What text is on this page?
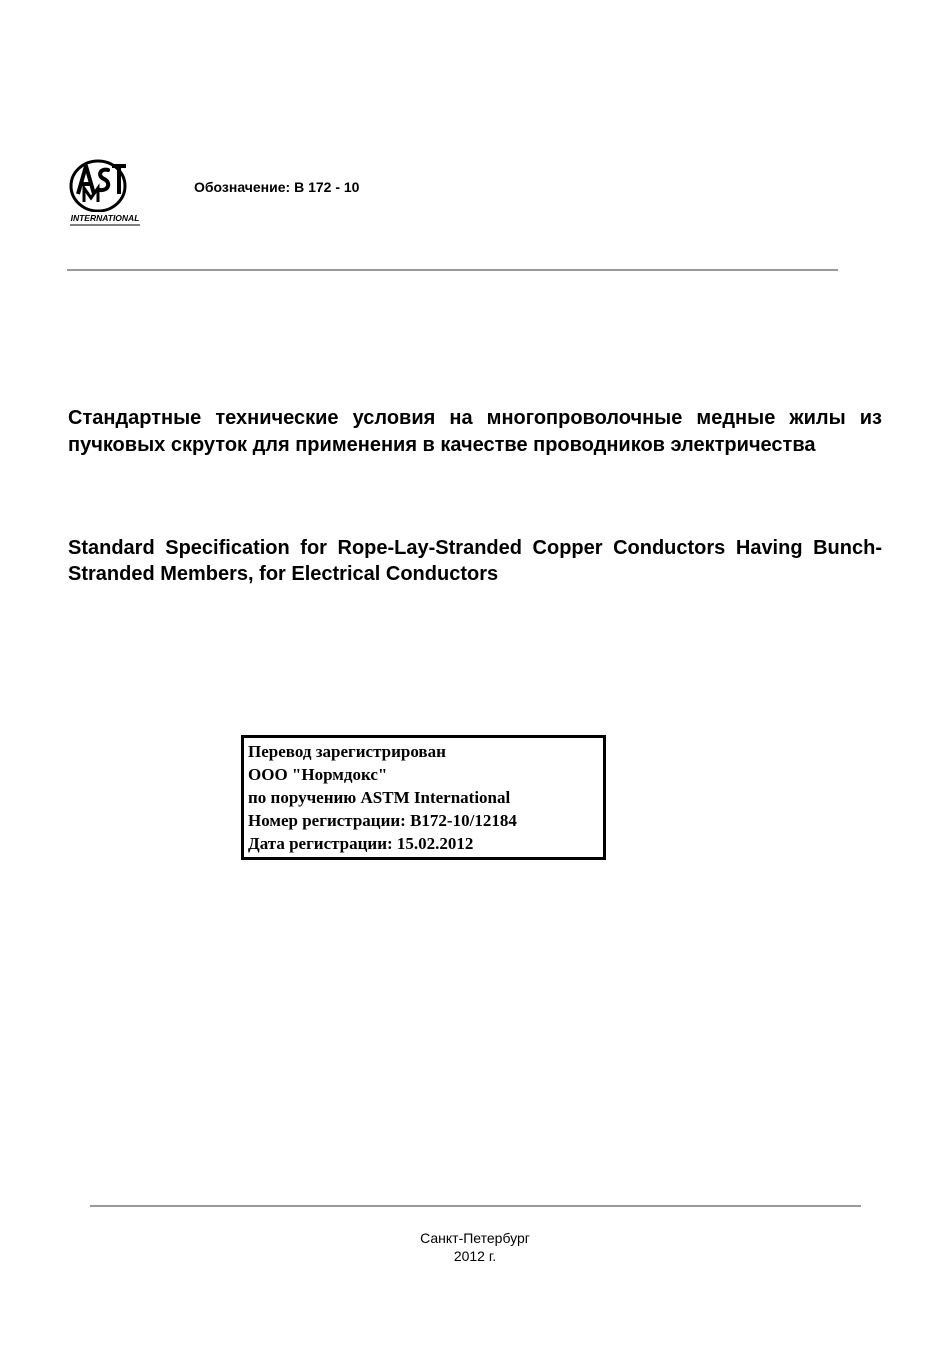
INTERNATIONAL
Обозначение: B 172 - 10
Стандартные технические условия на многопроволочные медные жилы из пучковых скруток для применения в качестве проводников электричества
Standard Specification for Rope-Lay-Stranded Copper Conductors Having Bunch-Stranded Members, for Electrical Conductors
Перевод зарегистрирован
ООО "Нормдокс"
по поручению ASTM International
Номер регистрации: B172-10/12184
Дата регистрации: 15.02.2012
Санкт-Петербург
2012 г.
